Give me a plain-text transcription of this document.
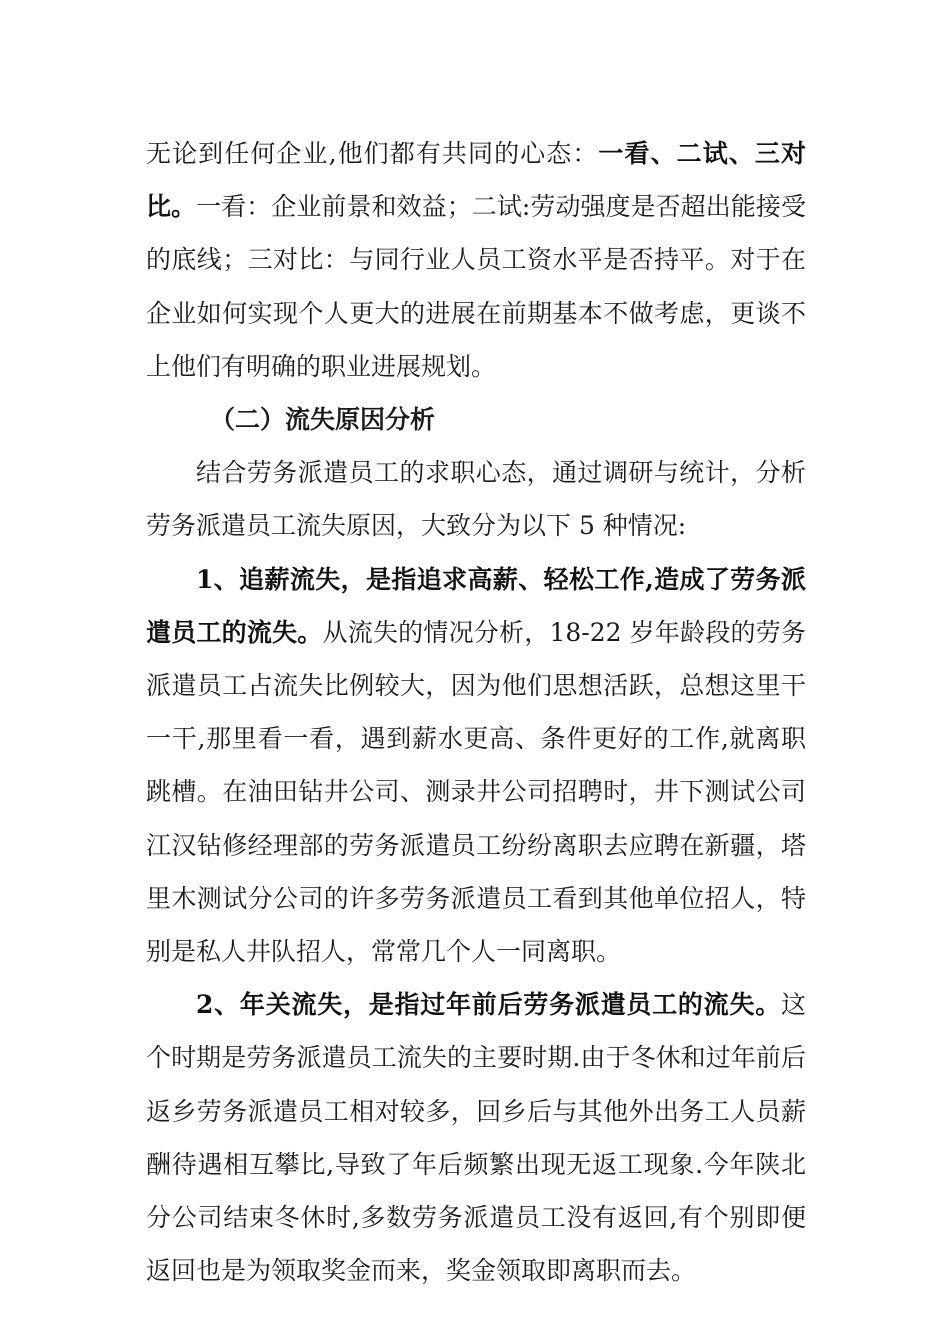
无论到任何企业,他们都有共同的心态：一看、二试、三对比。一看：企业前景和效益；二试:劳动强度是否超出能接受的底线；三对比：与同行业人员工资水平是否持平。对于在企业如何实现个人更大的进展在前期基本不做考虑，更谈不上他们有明确的职业进展规划。

（二）流失原因分析

结合劳务派遣员工的求职心态，通过调研与统计，分析劳务派遣员工流失原因，大致分为以下 5 种情况:

1、追薪流失，是指追求高薪、轻松工作,造成了劳务派遣员工的流失。从流失的情况分析，18-22 岁年龄段的劳务派遣员工占流失比例较大，因为他们思想活跃，总想这里干一干,那里看一看，遇到薪水更高、条件更好的工作,就离职跳槽。在油田钻井公司、测录井公司招聘时，井下测试公司江汉钻修经理部的劳务派遣员工纷纷离职去应聘在新疆，塔里木测试分公司的许多劳务派遣员工看到其他单位招人，特别是私人井队招人，常常几个人一同离职。

2、年关流失，是指过年前后劳务派遣员工的流失。这个时期是劳务派遣员工流失的主要时期.由于冬休和过年前后返乡劳务派遣员工相对较多，回乡后与其他外出务工人员薪酬待遇相互攀比,导致了年后频繁出现无返工现象.今年陕北分公司结束冬休时,多数劳务派遣员工没有返回,有个别即便返回也是为领取奖金而来，奖金领取即离职而去。
